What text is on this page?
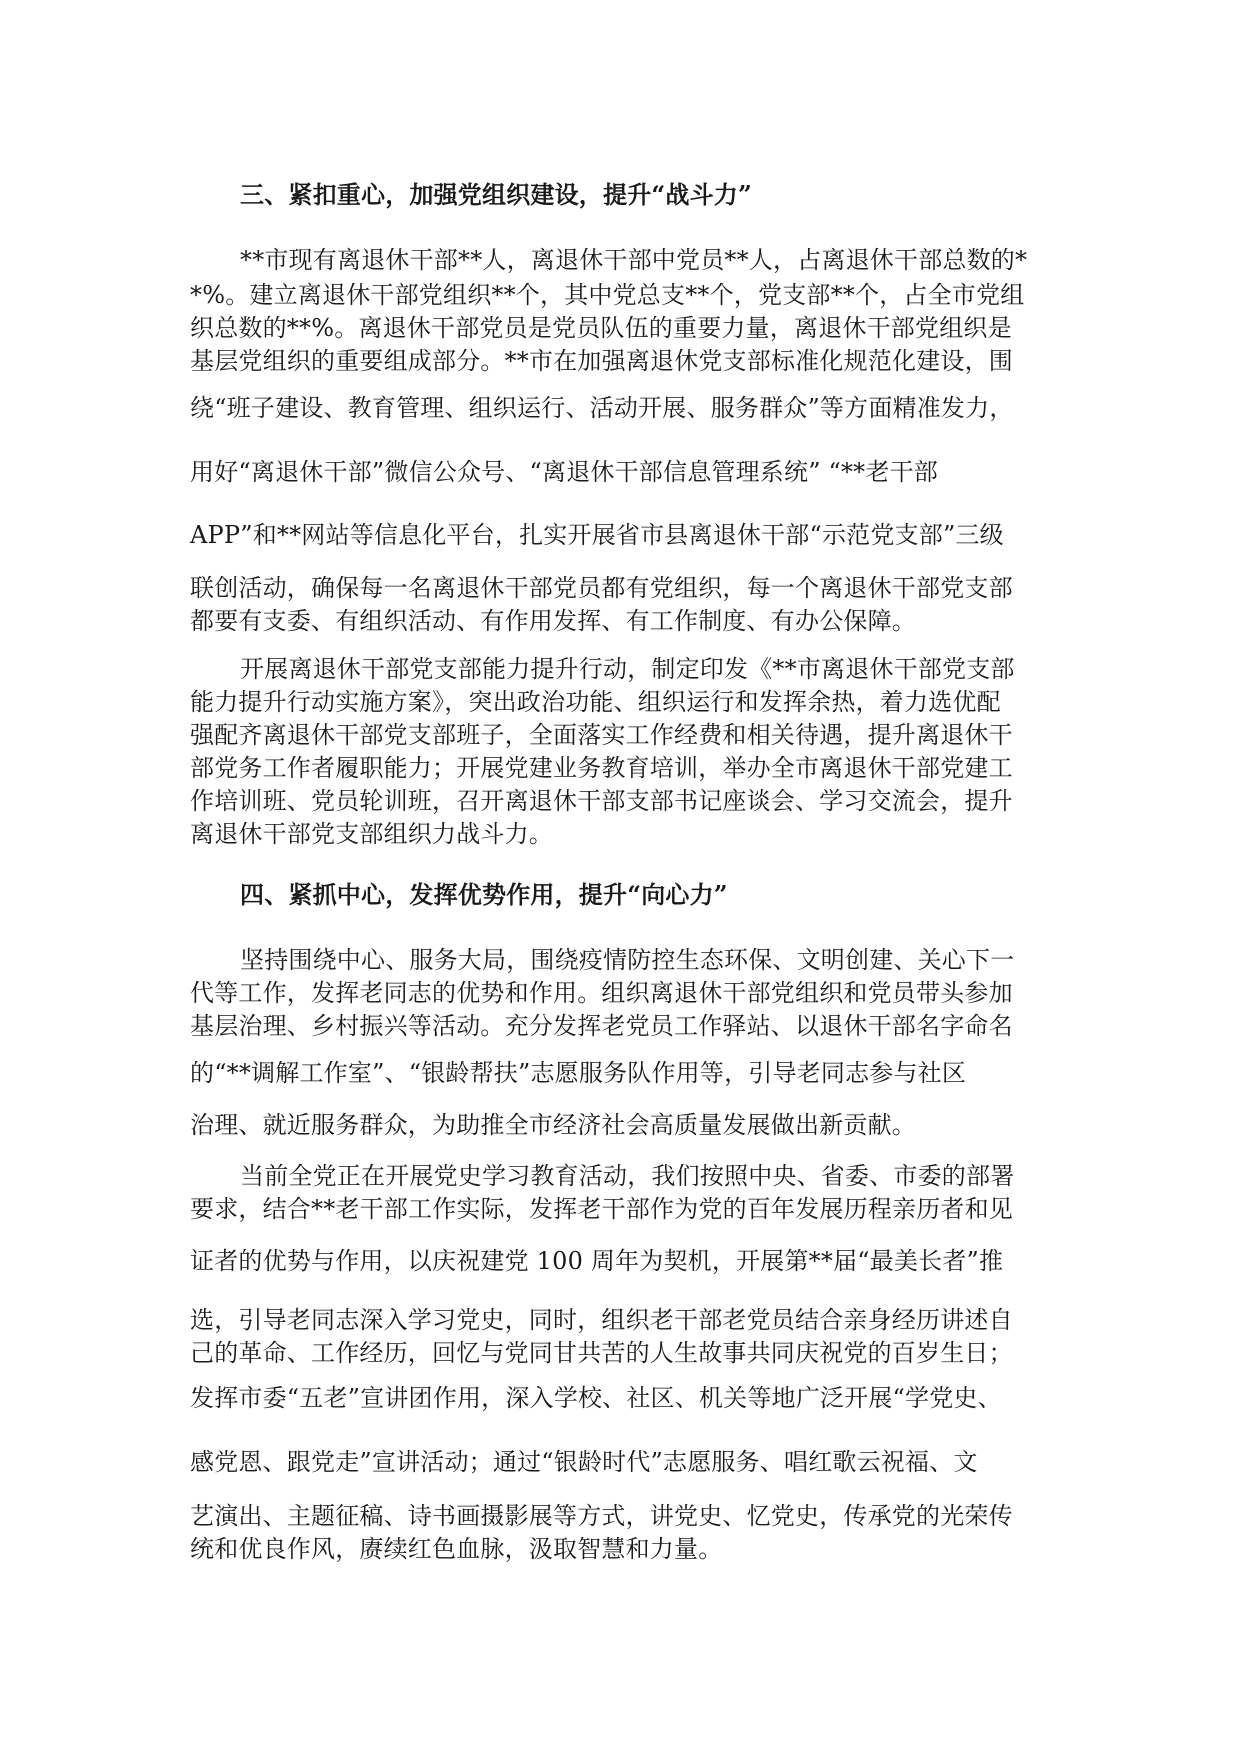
三、紧扣重心，加强党组织建设，提升“战斗力”
**市现有离退休干部**人，离退休干部中党员**人，占离退休干部总数的*
*%。建立离退休干部党组织**个，其中党总支**个，党支部**个，占全市党组
织总数的**%。离退休干部党员是党员队伍的重要力量，离退休干部党组织是
基层党组织的重要组成部分。**市在加强离退休党支部标准化规范化建设，围
绕“班子建设、教育管理、组织运行、活动开展、服务群众”等方面精准发力，
用好“离退休干部”微信公众号、“离退休干部信息管理系统” “**老干部
APP”和**网站等信息化平台，扎实开展省市县离退休干部“示范党支部”三级
联创活动，确保每一名离退休干部党员都有党组织，每一个离退休干部党支部
都要有支委、有组织活动、有作用发挥、有工作制度、有办公保障。
开展离退休干部党支部能力提升行动，制定印发《**市离退休干部党支部
能力提升行动实施方案》，突出政治功能、组织运行和发挥余热，着力选优配
强配齐离退休干部党支部班子，全面落实工作经费和相关待遇，提升离退休干
部党务工作者履职能力；开展党建业务教育培训，举办全市离退休干部党建工
作培训班、党员轮训班，召开离退休干部支部书记座谈会、学习交流会，提升
离退休干部党支部组织力战斗力。
四、紧抓中心，发挥优势作用，提升“向心力”
坚持围绕中心、服务大局，围绕疫情防控生态环保、文明创建、关心下一
代等工作，发挥老同志的优势和作用。组织离退休干部党组织和党员带头参加
基层治理、乡村振兴等活动。充分发挥老党员工作驿站、以退休干部名字命名
的“**调解工作室”、“银龄帮扶”志愿服务队作用等，引导老同志参与社区
治理、就近服务群众，为助推全市经济社会高质量发展做出新贡献。
当前全党正在开展党史学习教育活动，我们按照中央、省委、市委的部署
要求，结合**老干部工作实际，发挥老干部作为党的百年发展历程亲历者和见
证者的优势与作用，以庆祝建党 100 周年为契机，开展第**届“最美长者”推
选，引导老同志深入学习党史，同时，组织老干部老党员结合亲身经历讲述自
己的革命、工作经历，回忆与党同甘共苦的人生故事共同庆祝党的百岁生日；
发挥市委“五老”宣讲团作用，深入学校、社区、机关等地广泛开展“学党史、
感党恩、跟党走”宣讲活动；通过“银龄时代”志愿服务、唱红歌云祝福、文
艺演出、主题征稿、诗书画摄影展等方式，讲党史、忆党史，传承党的光荣传
统和优良作风，赓续红色血脉，汲取智慧和力量。
